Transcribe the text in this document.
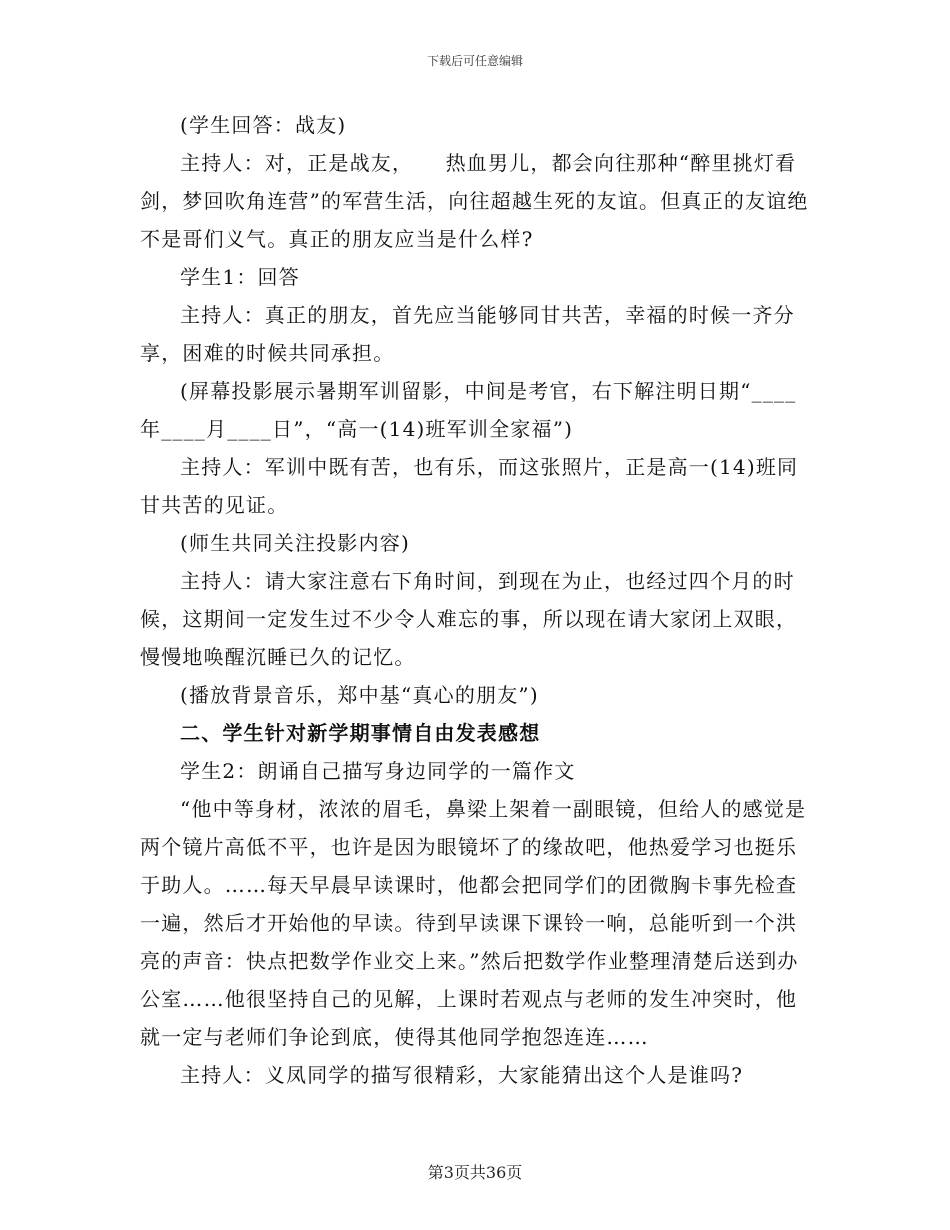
下载后可任意编辑

(学生回答：战友)

主持人：对，正是战友，　　热血男儿，都会向往那种“醉里挑灯看剑，梦回吹角连营”的军营生活，向往超越生死的友谊。但真正的友谊绝不是哥们义气。真正的朋友应当是什么样?

学生1：回答

主持人：真正的朋友，首先应当能够同甘共苦，幸福的时候一齐分享，困难的时候共同承担。

(屏幕投影展示暑期军训留影，中间是考官，右下解注明日期“____年____月____日”，“高一(14)班军训全家福”)

主持人：军训中既有苦，也有乐，而这张照片，正是高一(14)班同甘共苦的见证。

(师生共同关注投影内容)

主持人：请大家注意右下角时间，到现在为止，也经过四个月的时候，这期间一定发生过不少令人难忘的事，所以现在请大家闭上双眼，慢慢地唤醒沉睡已久的记忆。

(播放背景音乐，郑中基“真心的朋友”)

二、学生针对新学期事情自由发表感想

学生2：朗诵自己描写身边同学的一篇作文

“他中等身材，浓浓的眉毛，鼻梁上架着一副眼镜，但给人的感觉是两个镜片高低不平，也许是因为眼镜坏了的缘故吧，他热爱学习也挺乐于助人。……每天早晨早读课时，他都会把同学们的团微胸卡事先检查一遍，然后才开始他的早读。待到早读课下课铃一响，总能听到一个洪亮的声音：快点把数学作业交上来。”然后把数学作业整理清楚后送到办公室……他很坚持自己的见解，上课时若观点与老师的发生冲突时，他就一定与老师们争论到底，使得其他同学抱怨连连……

主持人：义凤同学的描写很精彩，大家能猜出这个人是谁吗?

第3页共36页
